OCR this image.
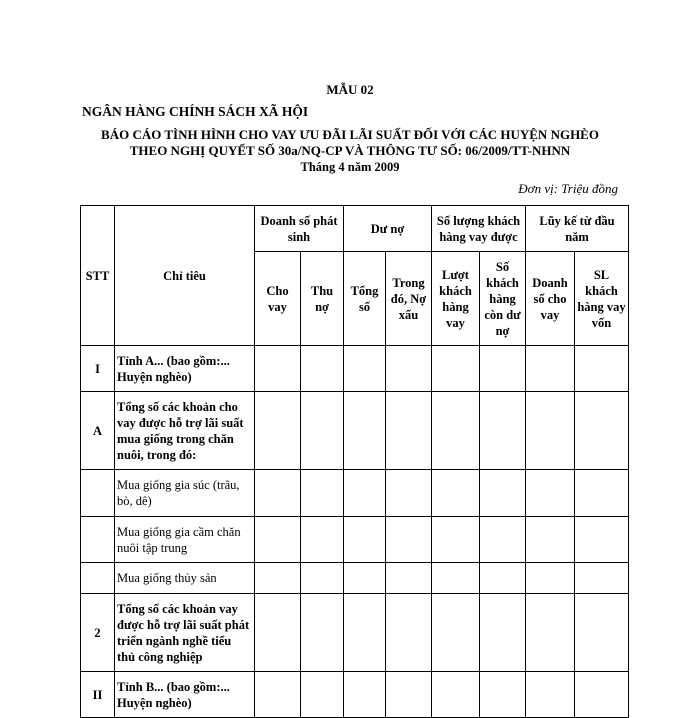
MẪU 02
NGÂN HÀNG CHÍNH SÁCH XÃ HỘI
BÁO CÁO TÌNH HÌNH CHO VAY ƯU ĐÃI LÃI SUẤT ĐỐI VỚI CÁC HUYỆN NGHÈO
THEO NGHỊ QUYẾT SỐ 30a/NQ-CP VÀ THÔNG TƯ SỐ: 06/2009/TT-NHNN
Tháng 4 năm 2009
Đơn vị: Triệu đồng
STT	Chỉ tiêu	Doanh số phát sinh		Dư nợ		Số lượng khách hàng vay được		Lũy kế từ đầu năm	
		Cho vay	Thu nợ	Tổng số	Trong đó, Nợ xấu	Lượt khách hàng vay	Số khách hàng còn dư nợ	Doanh số cho vay	SL khách hàng vay vốn
I	Tỉnh A... (bao gồm:... Huyện nghèo)								
A	Tổng số các khoản cho vay được hỗ trợ lãi suất mua giống trong chăn nuôi, trong đó:								
	Mua giống gia súc (trâu, bò, dê)								
	Mua giống gia cầm chăn nuôi tập trung								
	Mua giống thủy sản								
2	Tổng số các khoản vay được hỗ trợ lãi suất phát triển ngành nghề tiểu thủ công nghiệp								
II	Tỉnh B... (bao gồm:... Huyện nghèo)								
